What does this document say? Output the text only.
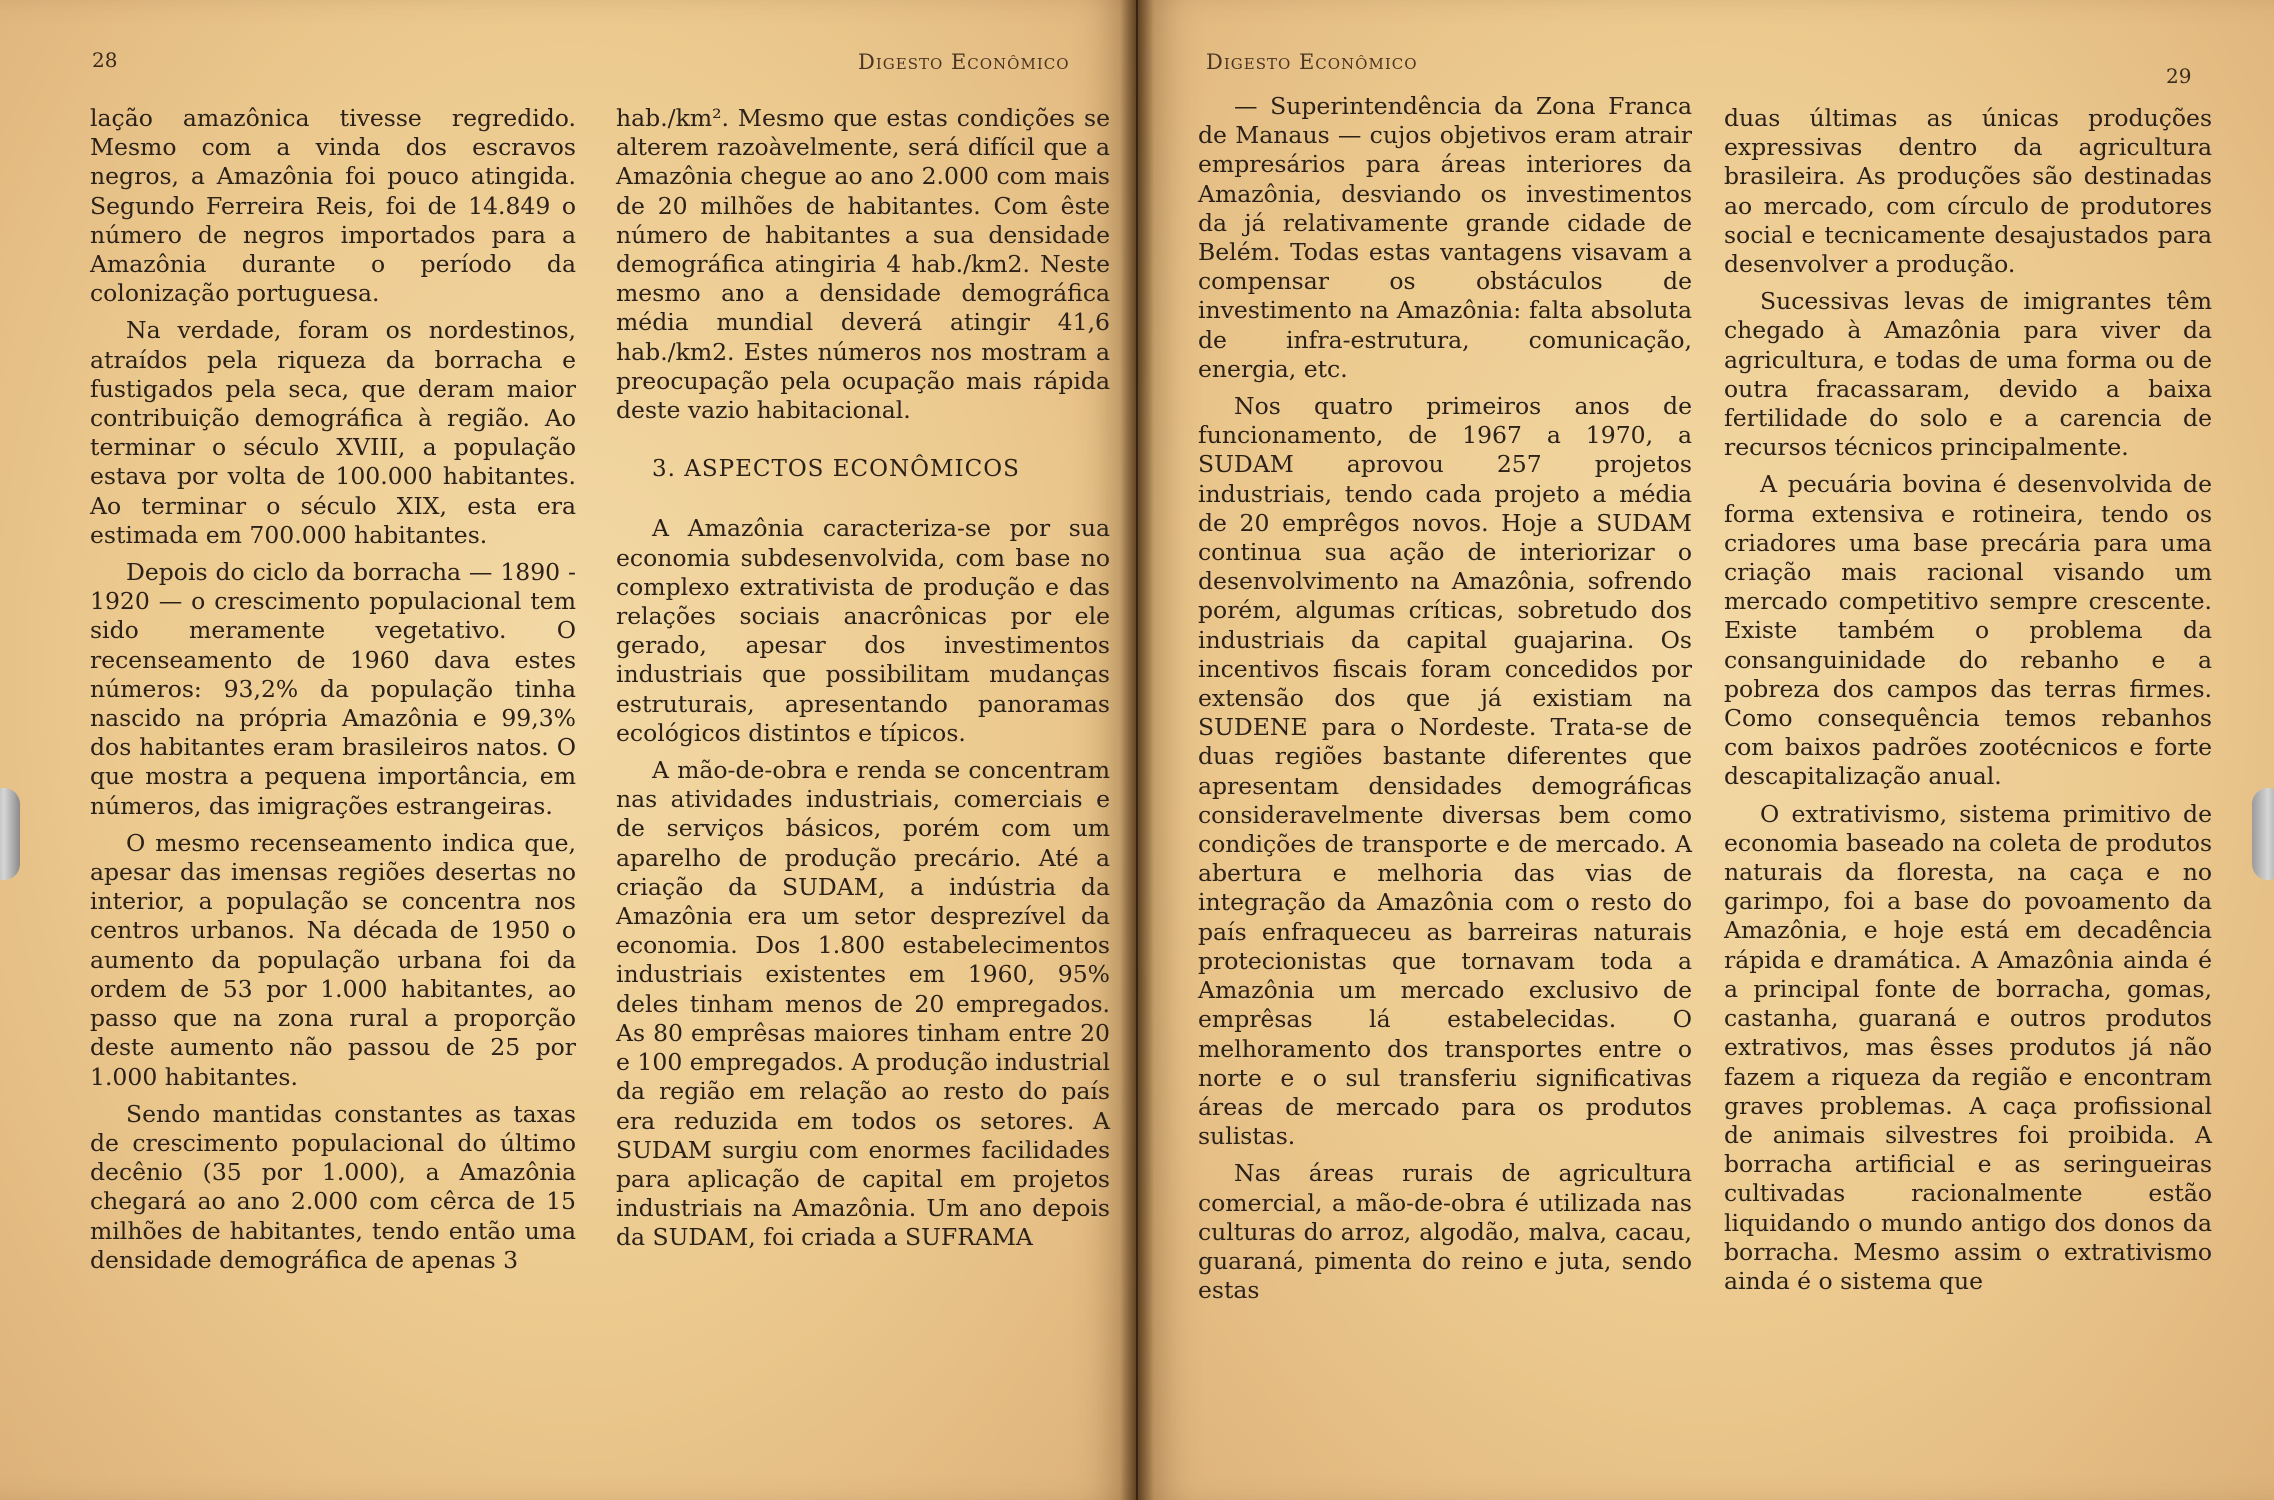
28	Digesto Econômico

lação amazônica tivesse regredido. Mesmo com a vinda dos escravos negros, a Amazônia foi pouco atingida. Segundo Ferreira Reis, foi de 14.849 o número de negros importados para a Amazônia durante o período da colonização portuguesa.

Na verdade, foram os nordestinos, atraídos pela riqueza da borracha e fustigados pela seca, que deram maior contribuição demográfica à região. Ao terminar o século XVIII, a população estava por volta de 100.000 habitantes. Ao terminar o século XIX, esta era estimada em 700.000 habitantes.

Depois do ciclo da borracha — 1890 - 1920 — o crescimento populacional tem sido meramente vegetativo. O recenseamento de 1960 dava estes números: 93,2% da população tinha nascido na própria Amazônia e 99,3% dos habitantes eram brasileiros natos. O que mostra a pequena importância, em números, das imigrações estrangeiras.

O mesmo recenseamento indica que, apesar das imensas regiões desertas no interior, a população se concentra nos centros urbanos. Na década de 1950 o aumento da população urbana foi da ordem de 53 por 1.000 habitantes, ao passo que na zona rural a proporção deste aumento não passou de 25 por 1.000 habitantes.

Sendo mantidas constantes as taxas de crescimento populacional do último decênio (35 por 1.000), a Amazônia chegará ao ano 2.000 com cêrca de 15 milhões de habitantes, tendo então uma densidade demográfica de apenas 3

hab./km². Mesmo que estas condições se alterem razoàvelmente, será difícil que a Amazônia chegue ao ano 2.000 com mais de 20 milhões de habitantes. Com êste número de habitantes a sua densidade demográfica atingiria 4 hab./km2. Neste mesmo ano a densidade demográfica média mundial deverá atingir 41,6 hab./km2. Estes números nos mostram a preocupação pela ocupação mais rápida deste vazio habitacional.

3. ASPECTOS ECONÔMICOS

A Amazônia caracteriza-se por sua economia subdesenvolvida, com base no complexo extrativista de produção e das relações sociais anacrônicas por ele gerado, apesar dos investimentos industriais que possibilitam mudanças estruturais, apresentando panoramas ecológicos distintos e típicos.

A mão-de-obra e renda se concentram nas atividades industriais, comerciais e de serviços básicos, porém com um aparelho de produção precário. Até a criação da SUDAM, a indústria da Amazônia era um setor desprezível da economia. Dos 1.800 estabelecimentos industriais existentes em 1960, 95% deles tinham menos de 20 empregados. As 80 emprêsas maiores tinham entre 20 e 100 empregados. A produção industrial da região em relação ao resto do país era reduzida em todos os setores. A SUDAM surgiu com enormes facilidades para aplicação de capital em projetos industriais na Amazônia. Um ano depois da SUDAM, foi criada a SUFRAMA

Digesto Econômico
29

— Superintendência da Zona Franca de Manaus — cujos objetivos eram atrair empresários para áreas interiores da Amazônia, desviando os investimentos da já relativamente grande cidade de Belém. Todas estas vantagens visavam a compensar os obstáculos de investimento na Amazônia: falta absoluta de infra-estrutura, comunicação, energia, etc.

Nos quatro primeiros anos de funcionamento, de 1967 a 1970, a SUDAM aprovou 257 projetos industriais, tendo cada projeto a média de 20 emprêgos novos. Hoje a SUDAM continua sua ação de interiorizar o desenvolvimento na Amazônia, sofrendo porém, algumas críticas, sobretudo dos industriais da capital guajarina. Os incentivos fiscais foram concedidos por extensão dos que já existiam na SUDENE para o Nordeste. Trata-se de duas regiões bastante diferentes que apresentam densidades demográficas consideravelmente diversas bem como condições de transporte e de mercado. A abertura e melhoria das vias de integração da Amazônia com o resto do país enfraqueceu as barreiras naturais protecionistas que tornavam toda a Amazônia um mercado exclusivo de emprêsas lá estabelecidas. O melhoramento dos transportes entre o norte e o sul transferiu significativas áreas de mercado para os produtos sulistas.

Nas áreas rurais de agricultura comercial, a mão-de-obra é utilizada nas culturas do arroz, algodão, malva, cacau, guaraná, pimenta do reino e juta, sendo estas

duas últimas as únicas produções expressivas dentro da agricultura brasileira. As produções são destinadas ao mercado, com círculo de produtores social e tecnicamente desajustados para desenvolver a produção.

Sucessivas levas de imigrantes têm chegado à Amazônia para viver da agricultura, e todas de uma forma ou de outra fracassaram, devido a baixa fertilidade do solo e a carencia de recursos técnicos principalmente.

A pecuária bovina é desenvolvida de forma extensiva e rotineira, tendo os criadores uma base precária para uma criação mais racional visando um mercado competitivo sempre crescente. Existe também o problema da consanguinidade do rebanho e a pobreza dos campos das terras firmes. Como consequência temos rebanhos com baixos padrões zootécnicos e forte descapitalização anual.

O extrativismo, sistema primitivo de economia baseado na coleta de produtos naturais da floresta, na caça e no garimpo, foi a base do povoamento da Amazônia, e hoje está em decadência rápida e dramática. A Amazônia ainda é a principal fonte de borracha, gomas, castanha, guaraná e outros produtos extrativos, mas êsses produtos já não fazem a riqueza da região e encontram graves problemas. A caça profissional de animais silvestres foi proibida. A borracha artificial e as seringueiras cultivadas racionalmente estão liquidando o mundo antigo dos donos da borracha. Mesmo assim o extrativismo ainda é o sistema que
